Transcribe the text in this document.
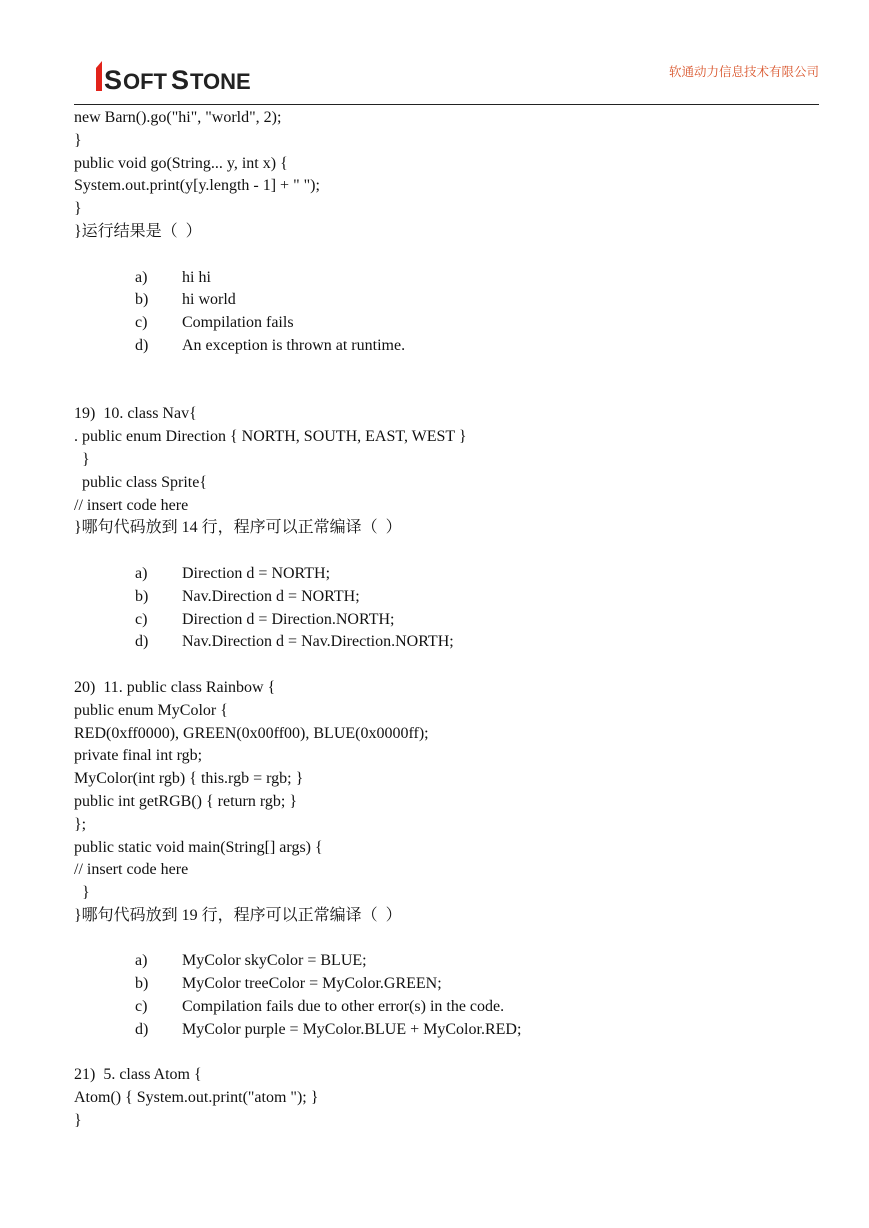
S OFT S TONE	软通动力信息技术有限公司
new Barn().go("hi", "world", 2);
}
public void go(String... y, int x) {
System.out.print(y[y.length - 1] + " ");
}
}运行结果是（  ）
a) hi hi
b) hi world
c) Compilation fails
d) An exception is thrown at runtime.
19)  10. class Nav{
. public enum Direction { NORTH, SOUTH, EAST, WEST }
}
public class Sprite{
// insert code here
}哪句代码放到 14 行，程序可以正常编译（  ）
a) Direction d = NORTH;
b) Nav.Direction d = NORTH;
c) Direction d = Direction.NORTH;
d) Nav.Direction d = Nav.Direction.NORTH;
20)  11. public class Rainbow {
public enum MyColor {
RED(0xff0000), GREEN(0x00ff00), BLUE(0x0000ff);
private final int rgb;
MyColor(int rgb) { this.rgb = rgb; }
public int getRGB() { return rgb; }
};
public static void main(String[] args) {
// insert code here
}
}哪句代码放到 19 行，程序可以正常编译（  ）
a) MyColor skyColor = BLUE;
b) MyColor treeColor = MyColor.GREEN;
c) Compilation fails due to other error(s) in the code.
d) MyColor purple = MyColor.BLUE + MyColor.RED;
21)  5. class Atom {
Atom() { System.out.print("atom "); }
}
